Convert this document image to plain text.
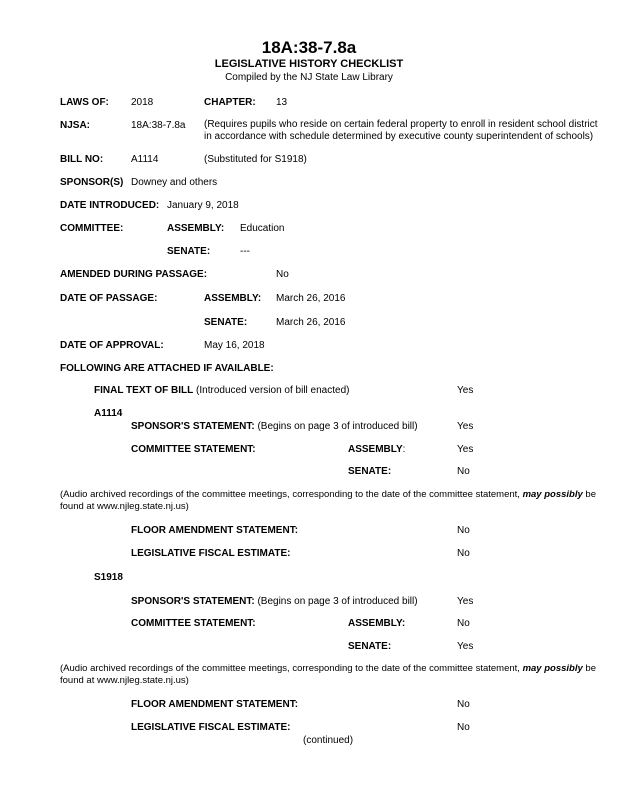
18A:38-7.8a
LEGISLATIVE HISTORY CHECKLIST
Compiled by the NJ State Law Library
LAWS OF: 2018	CHAPTER: 13
NJSA:	18A:38-7.8a (Requires pupils who reside on certain federal property to enroll in resident school district in accordance with schedule determined by executive county superintendent of schools)
BILL NO:	A1114	(Substituted for S1918)
SPONSOR(S) Downey and others
DATE INTRODUCED: January 9, 2018
COMMITTEE:	ASSEMBLY: Education
SENATE:	---
AMENDED DURING PASSAGE:	No
DATE OF PASSAGE:	ASSEMBLY: March 26, 2016
SENATE:	March 26, 2016
DATE OF APPROVAL:	May 16, 2018
FOLLOWING ARE ATTACHED IF AVAILABLE:
FINAL TEXT OF BILL (Introduced version of bill enacted)	Yes
A1114
SPONSOR'S STATEMENT: (Begins on page 3 of introduced bill)	Yes
COMMITTEE STATEMENT:	ASSEMBLY:	Yes
SENATE:	No
(Audio archived recordings of the committee meetings, corresponding to the date of the committee statement, may possibly be found at www.njleg.state.nj.us)
FLOOR AMENDMENT STATEMENT:	No
LEGISLATIVE FISCAL ESTIMATE:	No
S1918
SPONSOR'S STATEMENT: (Begins on page 3 of introduced bill)	Yes
COMMITTEE STATEMENT:	ASSEMBLY:	No
SENATE:	Yes
(Audio archived recordings of the committee meetings, corresponding to the date of the committee statement, may possibly be found at www.njleg.state.nj.us)
FLOOR AMENDMENT STATEMENT:	No
LEGISLATIVE FISCAL ESTIMATE:	No
(continued)
